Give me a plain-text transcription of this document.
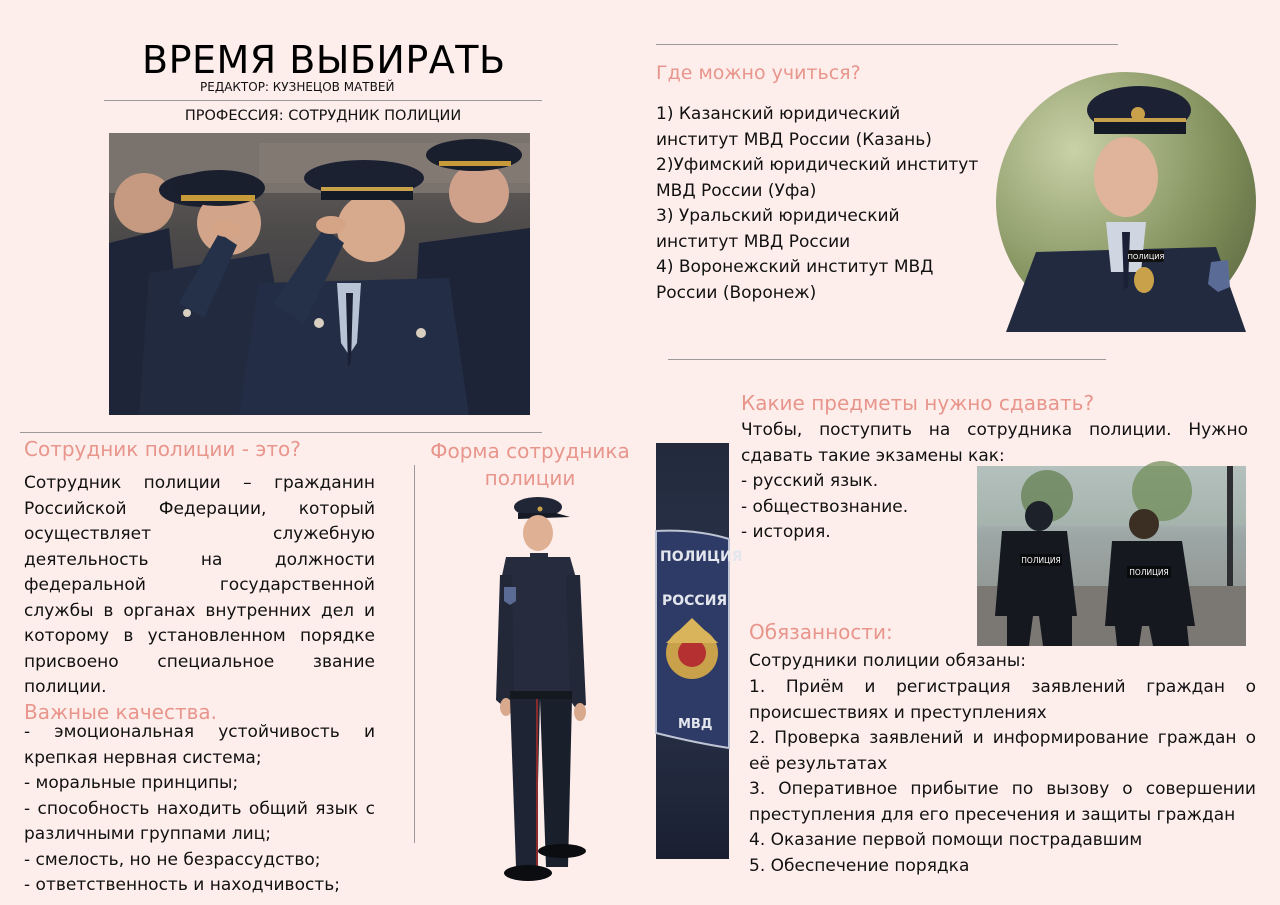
ВРЕМЯ ВЫБИРАТЬ
РЕДАКТОР: КУЗНЕЦОВ МАТВЕЙ
ПРОФЕССИЯ: СОТРУДНИК ПОЛИЦИИ
Сотрудник полиции - это?
Сотрудник полиции – гражданин Российской Федерации, который осуществляет служебную деятельность на должности федеральной государственной службы в органах внутренних дел и которому в установленном порядке присвоено специальное звание полиции.
Важные качества.
- эмоциональная устойчивость и крепкая нервная система;
- моральные принципы;
- способность находить общий язык с различными группами лиц;
- смелость, но не безрассудство;
- ответственность и находчивость;
Форма сотрудника полиции
Где можно учиться?
1) Казанский юридический институт МВД России (Казань)
2)Уфимский юридический институт МВД России (Уфа)
3) Уральский юридический институт МВД России
4) Воронежский институт МВД России (Воронеж)
ПОЛИЦИЯ
Какие предметы нужно сдавать?
Чтобы, поступить на сотрудника полиции. Нужно сдавать такие экзамены как:
- русский язык.
- обществознание.
- история.
ПОЛИЦИЯ
ПОЛИЦИЯ
ПОЛИЦИЯ
РОССИЯ
МВД
Обязанности:
Сотрудники полиции обязаны:
1. Приём и регистрация заявлений граждан о происшествиях и преступлениях
2. Проверка заявлений и информирование граждан о её результатах
3. Оперативное прибытие по вызову о совершении преступления для его пресечения и защиты граждан
4. Оказание первой помощи пострадавшим
5. Обеспечение порядка
